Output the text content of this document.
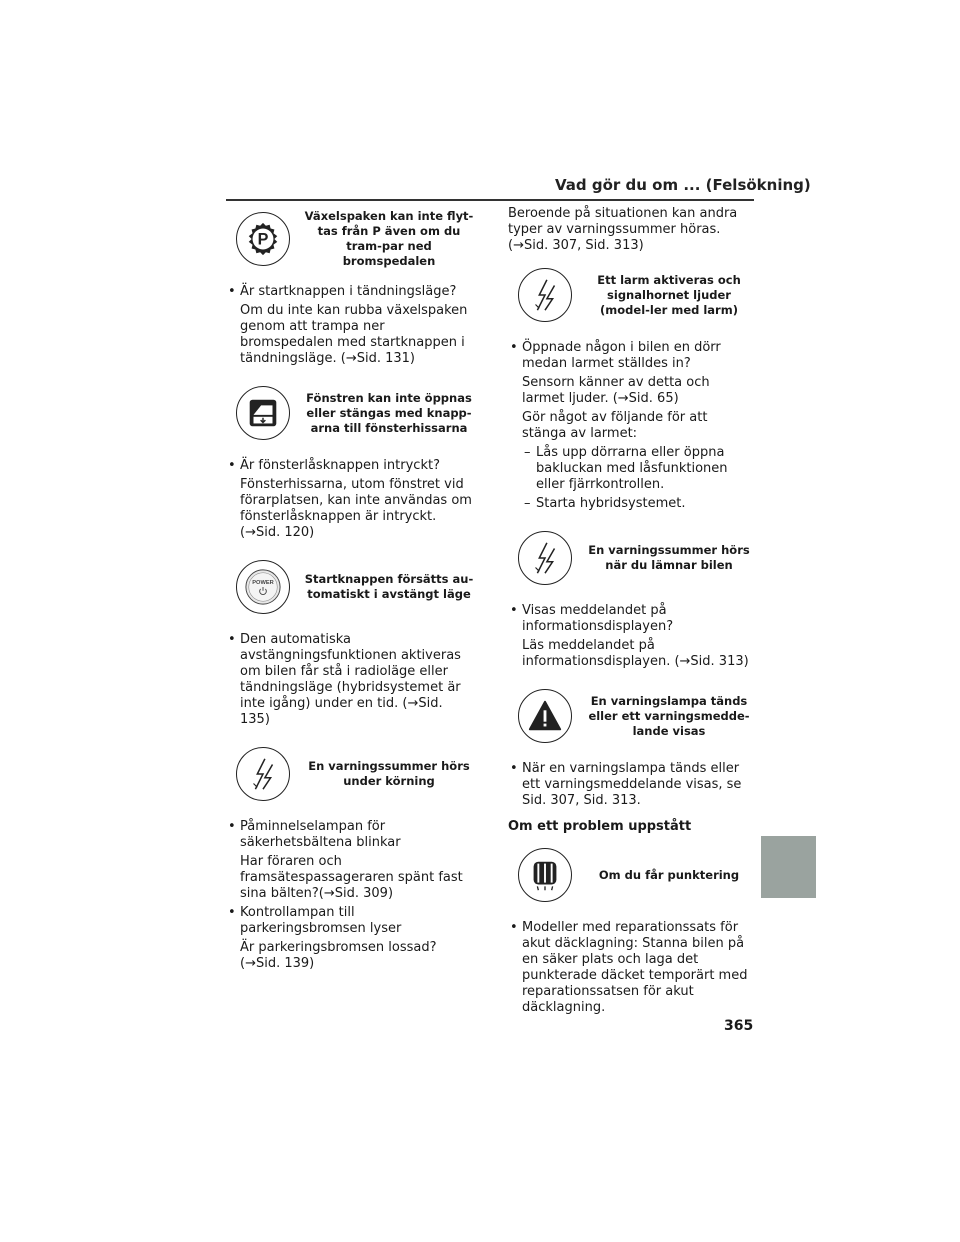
Vad gör du om ... (Felsökning)
365
P
Växelspaken kan inte flyt-tas från P även om du tram-par ned bromspedalen
• Är startknappen i tändningsläge?
Om du inte kan rubba växelspaken genom att trampa ner bromspedalen med startknappen i tändningsläge. (→Sid. 131)
Fönstren kan inte öppnas eller stängas med knapp-arna till fönsterhissarna
• Är fönsterlåsknappen intryckt?
Fönsterhissarna, utom fönstret vid förarplatsen, kan inte användas om fönsterlåsknappen är intryckt. (→Sid. 120)
POWER	Startknappen försätts au-tomatiskt i avstängt läge
• Den automatiska avstängningsfunktionen aktiveras om bilen får stå i radioläge eller tändningsläge (hybridsystemet är inte igång) under en tid. (→Sid. 135)
En varningssummer hörs under körning
• Påminnelselampan för säkerhetsbältena blinkar
Har föraren och framsätespassageraren spänt fast sina bälten?(→Sid. 309)
• Kontrollampan till parkeringsbromsen lyser
Är parkeringsbromsen lossad? (→Sid. 139)
Beroende på situationen kan andra typer av varningssummer höras. (→Sid. 307, Sid. 313)
Ett larm aktiveras och signalhornet ljuder (model-ler med larm)
• Öppnade någon i bilen en dörr medan larmet ställdes in?
Sensorn känner av detta och larmet ljuder. (→Sid. 65)
Gör något av följande för att stänga av larmet:
– Lås upp dörrarna eller öppna bakluckan med låsfunktionen eller fjärrkontrollen.
– Starta hybridsystemet.
En varningssummer hörs när du lämnar bilen
• Visas meddelandet på informationsdisplayen?
Läs meddelandet på informationsdisplayen. (→Sid. 313)
En varningslampa tänds eller ett varningsmedde-lande visas
• När en varningslampa tänds eller ett varningsmeddelande visas, se Sid. 307, Sid. 313.
Om ett problem uppstått
Om du får punktering
• Modeller med reparationssats för akut däcklagning: Stanna bilen på en säker plats och laga det punkterade däcket temporärt med reparationssatsen för akut däcklagning.
